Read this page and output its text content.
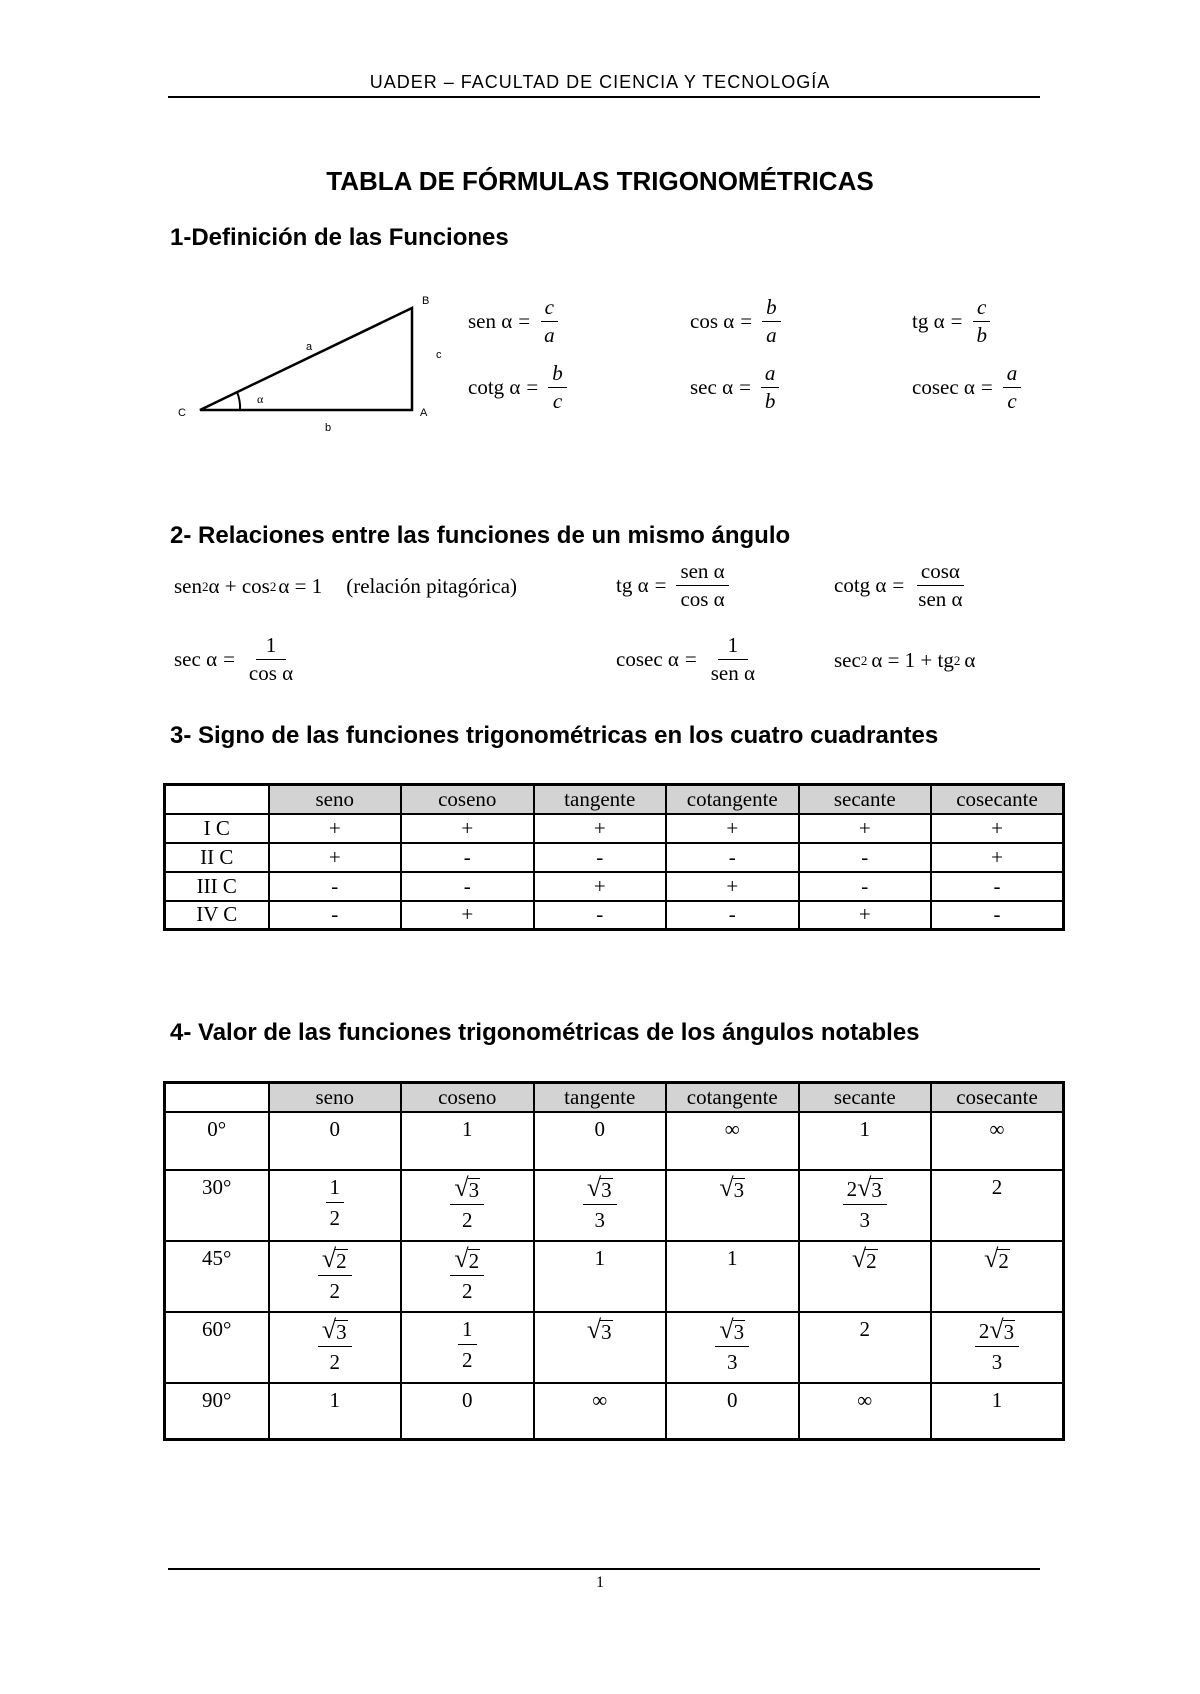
UADER – FACULTAD DE CIENCIA Y TECNOLOGÍA
TABLA DE FÓRMULAS TRIGONOMÉTRICAS
1-Definición de las Funciones
C	A
B
a
b
c
α
sen $\alpha = \frac{c}{a}$	$\cos \alpha = \frac{b}{a}$	tg $\alpha = \frac{c}{b}$
cotg $\alpha = \frac{b}{c}$	$\sec \alpha = \frac{a}{b}$	cosec $\alpha = \frac{a}{c}$
2- Relaciones entre las funciones de un mismo ángulo
sen 2 α + cos 2 α = 1 (relación pitagórica)	tg $\alpha = \frac{\text{sen α}}{\text{cos α}}$	cotg $\alpha = \frac{\cos\alpha}{\text{sen α}}$
$\sec \alpha = \frac{1}{\text{cos α}}$	cosec $\alpha = \frac{1}{\text{sen α}}$	sec 2 α = 1 + tg 2 α
3- Signo de las funciones trigonométricas en los cuatro cuadrantes
	seno	coseno	tangente	cotangente	secante	cosecante
I C	+	+	+	+	+	+
II C	+	-	-	-	-	+
III C	-	-	+	+	-	-
IV C	-	+	-	-	+	-
4- Valor de las funciones trigonométricas de los ángulos notables
	seno	coseno	tangente	cotangente	secante	cosecante
0°	0	1	0	∞	1	∞
30°	$\frac{1}{2}$	$\frac{√ 3}{2}$	$\frac{√ 3}{3}$	√ 3	$\frac{2 √ 3}{3}$	2
45°	$\frac{√ 2}{2}$	$\frac{√ 2}{2}$	1	1	√ 2	√ 2

60°	$\frac{√ 3}{2}$	$\frac{1}{2}$	√ 3	$\frac{√ 3}{3}$	2	$\frac{2 √ 3}{3}$

90°	1	0	∞	0	∞	1
1
